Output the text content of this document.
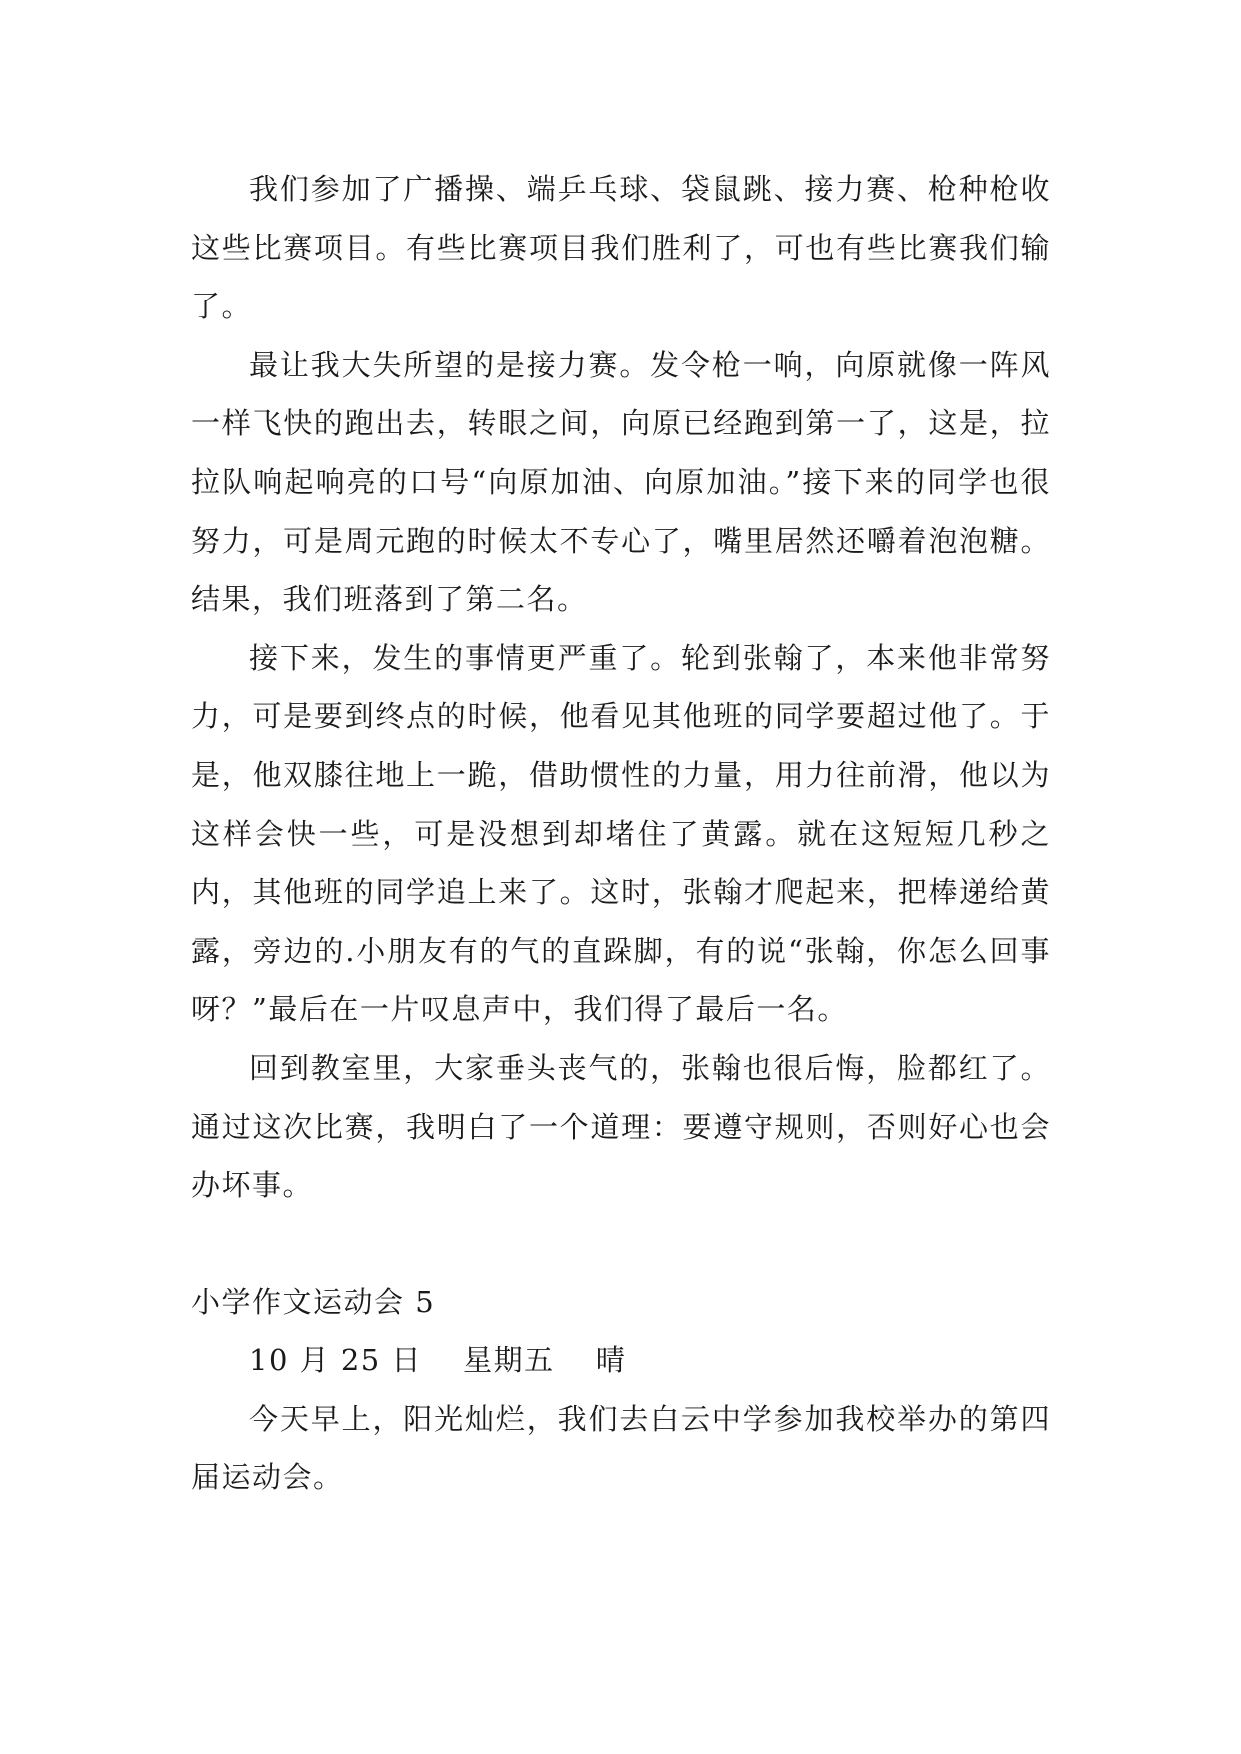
我们参加了广播操、端乒乓球、袋鼠跳、接力赛、枪种枪收这些比赛项目。有些比赛项目我们胜利了，可也有些比赛我们输了。

最让我大失所望的是接力赛。发令枪一响，向原就像一阵风一样飞快的跑出去，转眼之间，向原已经跑到第一了，这是，拉拉队响起响亮的口号“向原加油、向原加油。”接下来的同学也很努力，可是周元跑的时候太不专心了，嘴里居然还嚼着泡泡糖。结果，我们班落到了第二名。

接下来，发生的事情更严重了。轮到张翰了，本来他非常努力，可是要到终点的时候，他看见其他班的同学要超过他了。于是，他双膝往地上一跪，借助惯性的力量，用力往前滑，他以为这样会快一些，可是没想到却堵住了黄露。就在这短短几秒之内，其他班的同学追上来了。这时，张翰才爬起来，把棒递给黄露，旁边的.小朋友有的气的直跺脚，有的说“张翰，你怎么回事呀？”最后在一片叹息声中，我们得了最后一名。

回到教室里，大家垂头丧气的，张翰也很后悔，脸都红了。通过这次比赛，我明白了一个道理：要遵守规则，否则好心也会办坏事。

小学作文运动会 5

10 月 25 日　 星期五　 晴

今天早上，阳光灿烂，我们去白云中学参加我校举办的第四届运动会。
